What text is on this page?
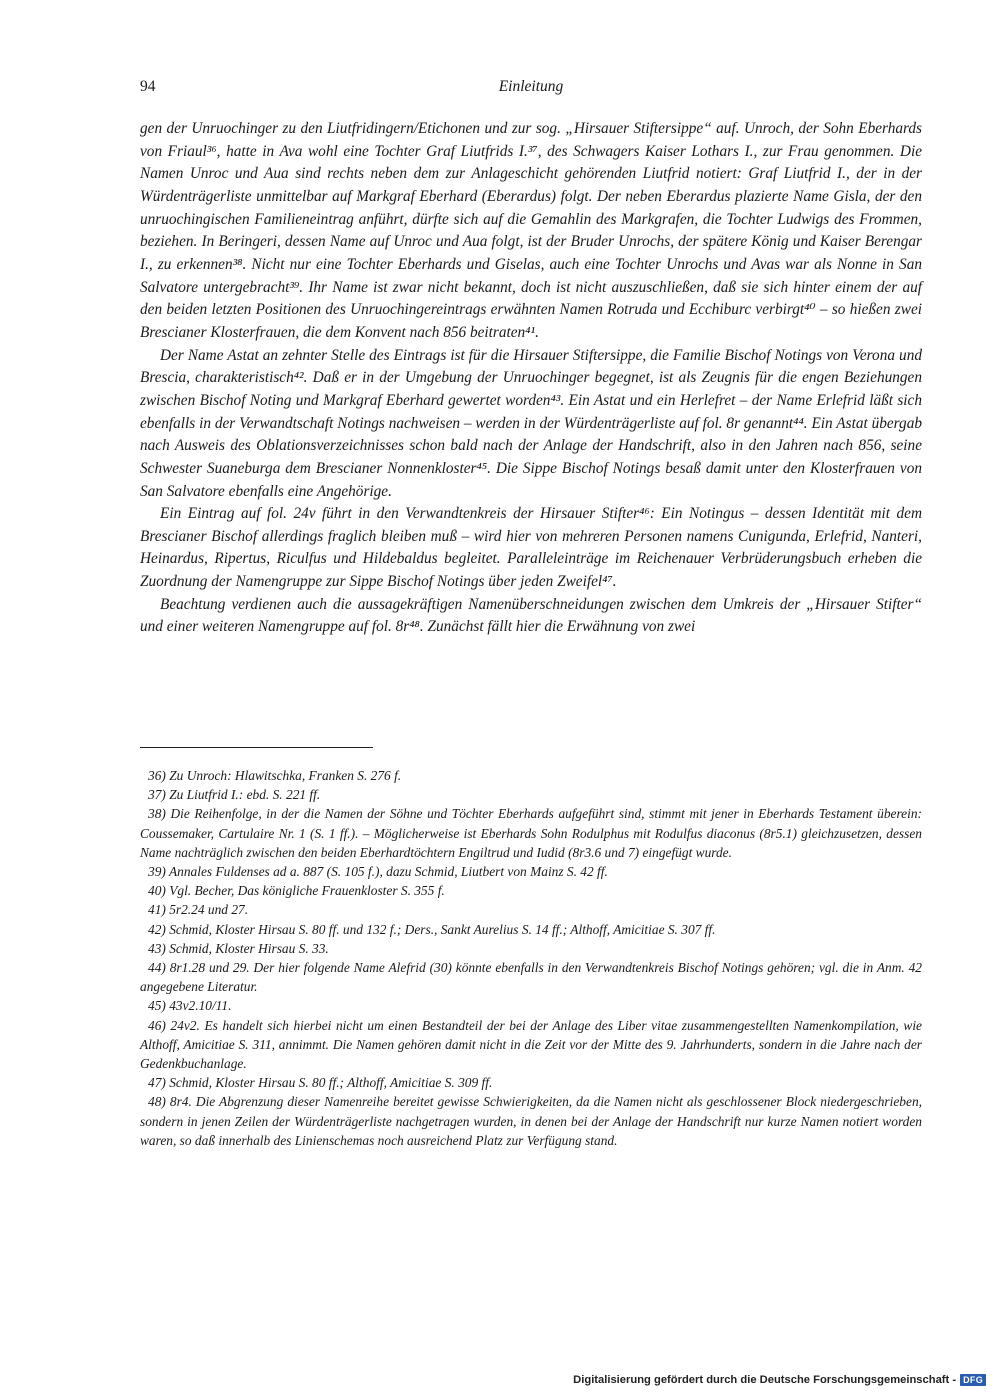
94	Einleitung

gen der Unruochinger zu den Liutfridingern/Etichonen und zur sog. „Hirsauer Stiftersippe“ auf. Unroch, der Sohn Eberhards von Friaul³⁶, hatte in Ava wohl eine Tochter Graf Liutfrids I.³⁷, des Schwagers Kaiser Lothars I., zur Frau genommen. Die Namen Unroc und Aua sind rechts neben dem zur Anlageschicht gehörenden Liutfrid notiert: Graf Liutfrid I., der in der Würdenträgerliste unmittelbar auf Markgraf Eberhard (Eberardus) folgt. Der neben Eberardus plazierte Name Gisla, der den unruochingischen Familieneintrag anführt, dürfte sich auf die Gemahlin des Markgrafen, die Tochter Ludwigs des Frommen, beziehen. In Beringeri, dessen Name auf Unroc und Aua folgt, ist der Bruder Unrochs, der spätere König und Kaiser Berengar I., zu erkennen³⁸. Nicht nur eine Tochter Eberhards und Giselas, auch eine Tochter Unrochs und Avas war als Nonne in San Salvatore untergebracht³⁹. Ihr Name ist zwar nicht bekannt, doch ist nicht auszuschließen, daß sie sich hinter einem der auf den beiden letzten Positionen des Unruochingereintrags erwähnten Namen Rotruda und Ecchiburc verbirgt⁴⁰ – so hießen zwei Brescianer Klosterfrauen, die dem Konvent nach 856 beitraten⁴¹.

Der Name Astat an zehnter Stelle des Eintrags ist für die Hirsauer Stiftersippe, die Familie Bischof Notings von Verona und Brescia, charakteristisch⁴². Daß er in der Umgebung der Unruochinger begegnet, ist als Zeugnis für die engen Beziehungen zwischen Bischof Noting und Markgraf Eberhard gewertet worden⁴³. Ein Astat und ein Herlefret – der Name Erlefrid läßt sich ebenfalls in der Verwandtschaft Notings nachweisen – werden in der Würdenträgerliste auf fol. 8r genannt⁴⁴. Ein Astat übergab nach Ausweis des Oblationsverzeichnisses schon bald nach der Anlage der Handschrift, also in den Jahren nach 856, seine Schwester Suaneburga dem Brescianer Nonnenkloster⁴⁵. Die Sippe Bischof Notings besaß damit unter den Klosterfrauen von San Salvatore ebenfalls eine Angehörige.

Ein Eintrag auf fol. 24v führt in den Verwandtenkreis der Hirsauer Stifter⁴⁶: Ein Notingus – dessen Identität mit dem Brescianer Bischof allerdings fraglich bleiben muß – wird hier von mehreren Personen namens Cunigunda, Erlefrid, Nanteri, Heinardus, Ripertus, Riculfus und Hildebaldus begleitet. Paralleleinträge im Reichenauer Verbrüderungsbuch erheben die Zuordnung der Namengruppe zur Sippe Bischof Notings über jeden Zweifel⁴⁷.

Beachtung verdienen auch die aussagekräftigen Namenüberschneidungen zwischen dem Umkreis der „Hirsauer Stifter“ und einer weiteren Namengruppe auf fol. 8r⁴⁸. Zunächst fällt hier die Erwähnung von zwei

36) Zu Unroch: Hlawitschka, Franken S. 276 f.

37) Zu Liutfrid I.: ebd. S. 221 ff.

38) Die Reihenfolge, in der die Namen der Söhne und Töchter Eberhards aufgeführt sind, stimmt mit jener in Eberhards Testament überein: Coussemaker, Cartulaire Nr. 1 (S. 1 ff.). – Möglicherweise ist Eberhards Sohn Rodulphus mit Rodulfus diaconus (8r5.1) gleichzusetzen, dessen Name nachträglich zwischen den beiden Eberhardtöchtern Engiltrud und Iudid (8r3.6 und 7) eingefügt wurde.

39) Annales Fuldenses ad a. 887 (S. 105 f.), dazu Schmid, Liutbert von Mainz S. 42 ff.

40) Vgl. Becher, Das königliche Frauenkloster S. 355 f.

41) 5r2.24 und 27.

42) Schmid, Kloster Hirsau S. 80 ff. und 132 f.; Ders., Sankt Aurelius S. 14 ff.; Althoff, Amicitiae S. 307 ff.

43) Schmid, Kloster Hirsau S. 33.

44) 8r1.28 und 29. Der hier folgende Name Alefrid (30) könnte ebenfalls in den Verwandtenkreis Bischof Notings gehören; vgl. die in Anm. 42 angegebene Literatur.

45) 43v2.10/11.

46) 24v2. Es handelt sich hierbei nicht um einen Bestandteil der bei der Anlage des Liber vitae zusammengestellten Namenkompilation, wie Althoff, Amicitiae S. 311, annimmt. Die Namen gehören damit nicht in die Zeit vor der Mitte des 9. Jahrhunderts, sondern in die Jahre nach der Gedenkbuchanlage.

47) Schmid, Kloster Hirsau S. 80 ff.; Althoff, Amicitiae S. 309 ff.

48) 8r4. Die Abgrenzung dieser Namenreihe bereitet gewisse Schwierigkeiten, da die Namen nicht als geschlossener Block niedergeschrieben, sondern in jenen Zeilen der Würdenträgerliste nachgetragen wurden, in denen bei der Anlage der Handschrift nur kurze Namen notiert worden waren, so daß innerhalb des Linienschemas noch ausreichend Platz zur Verfügung stand.

Digitalisierung gefördert durch die Deutsche Forschungsgemeinschaft - DFG
